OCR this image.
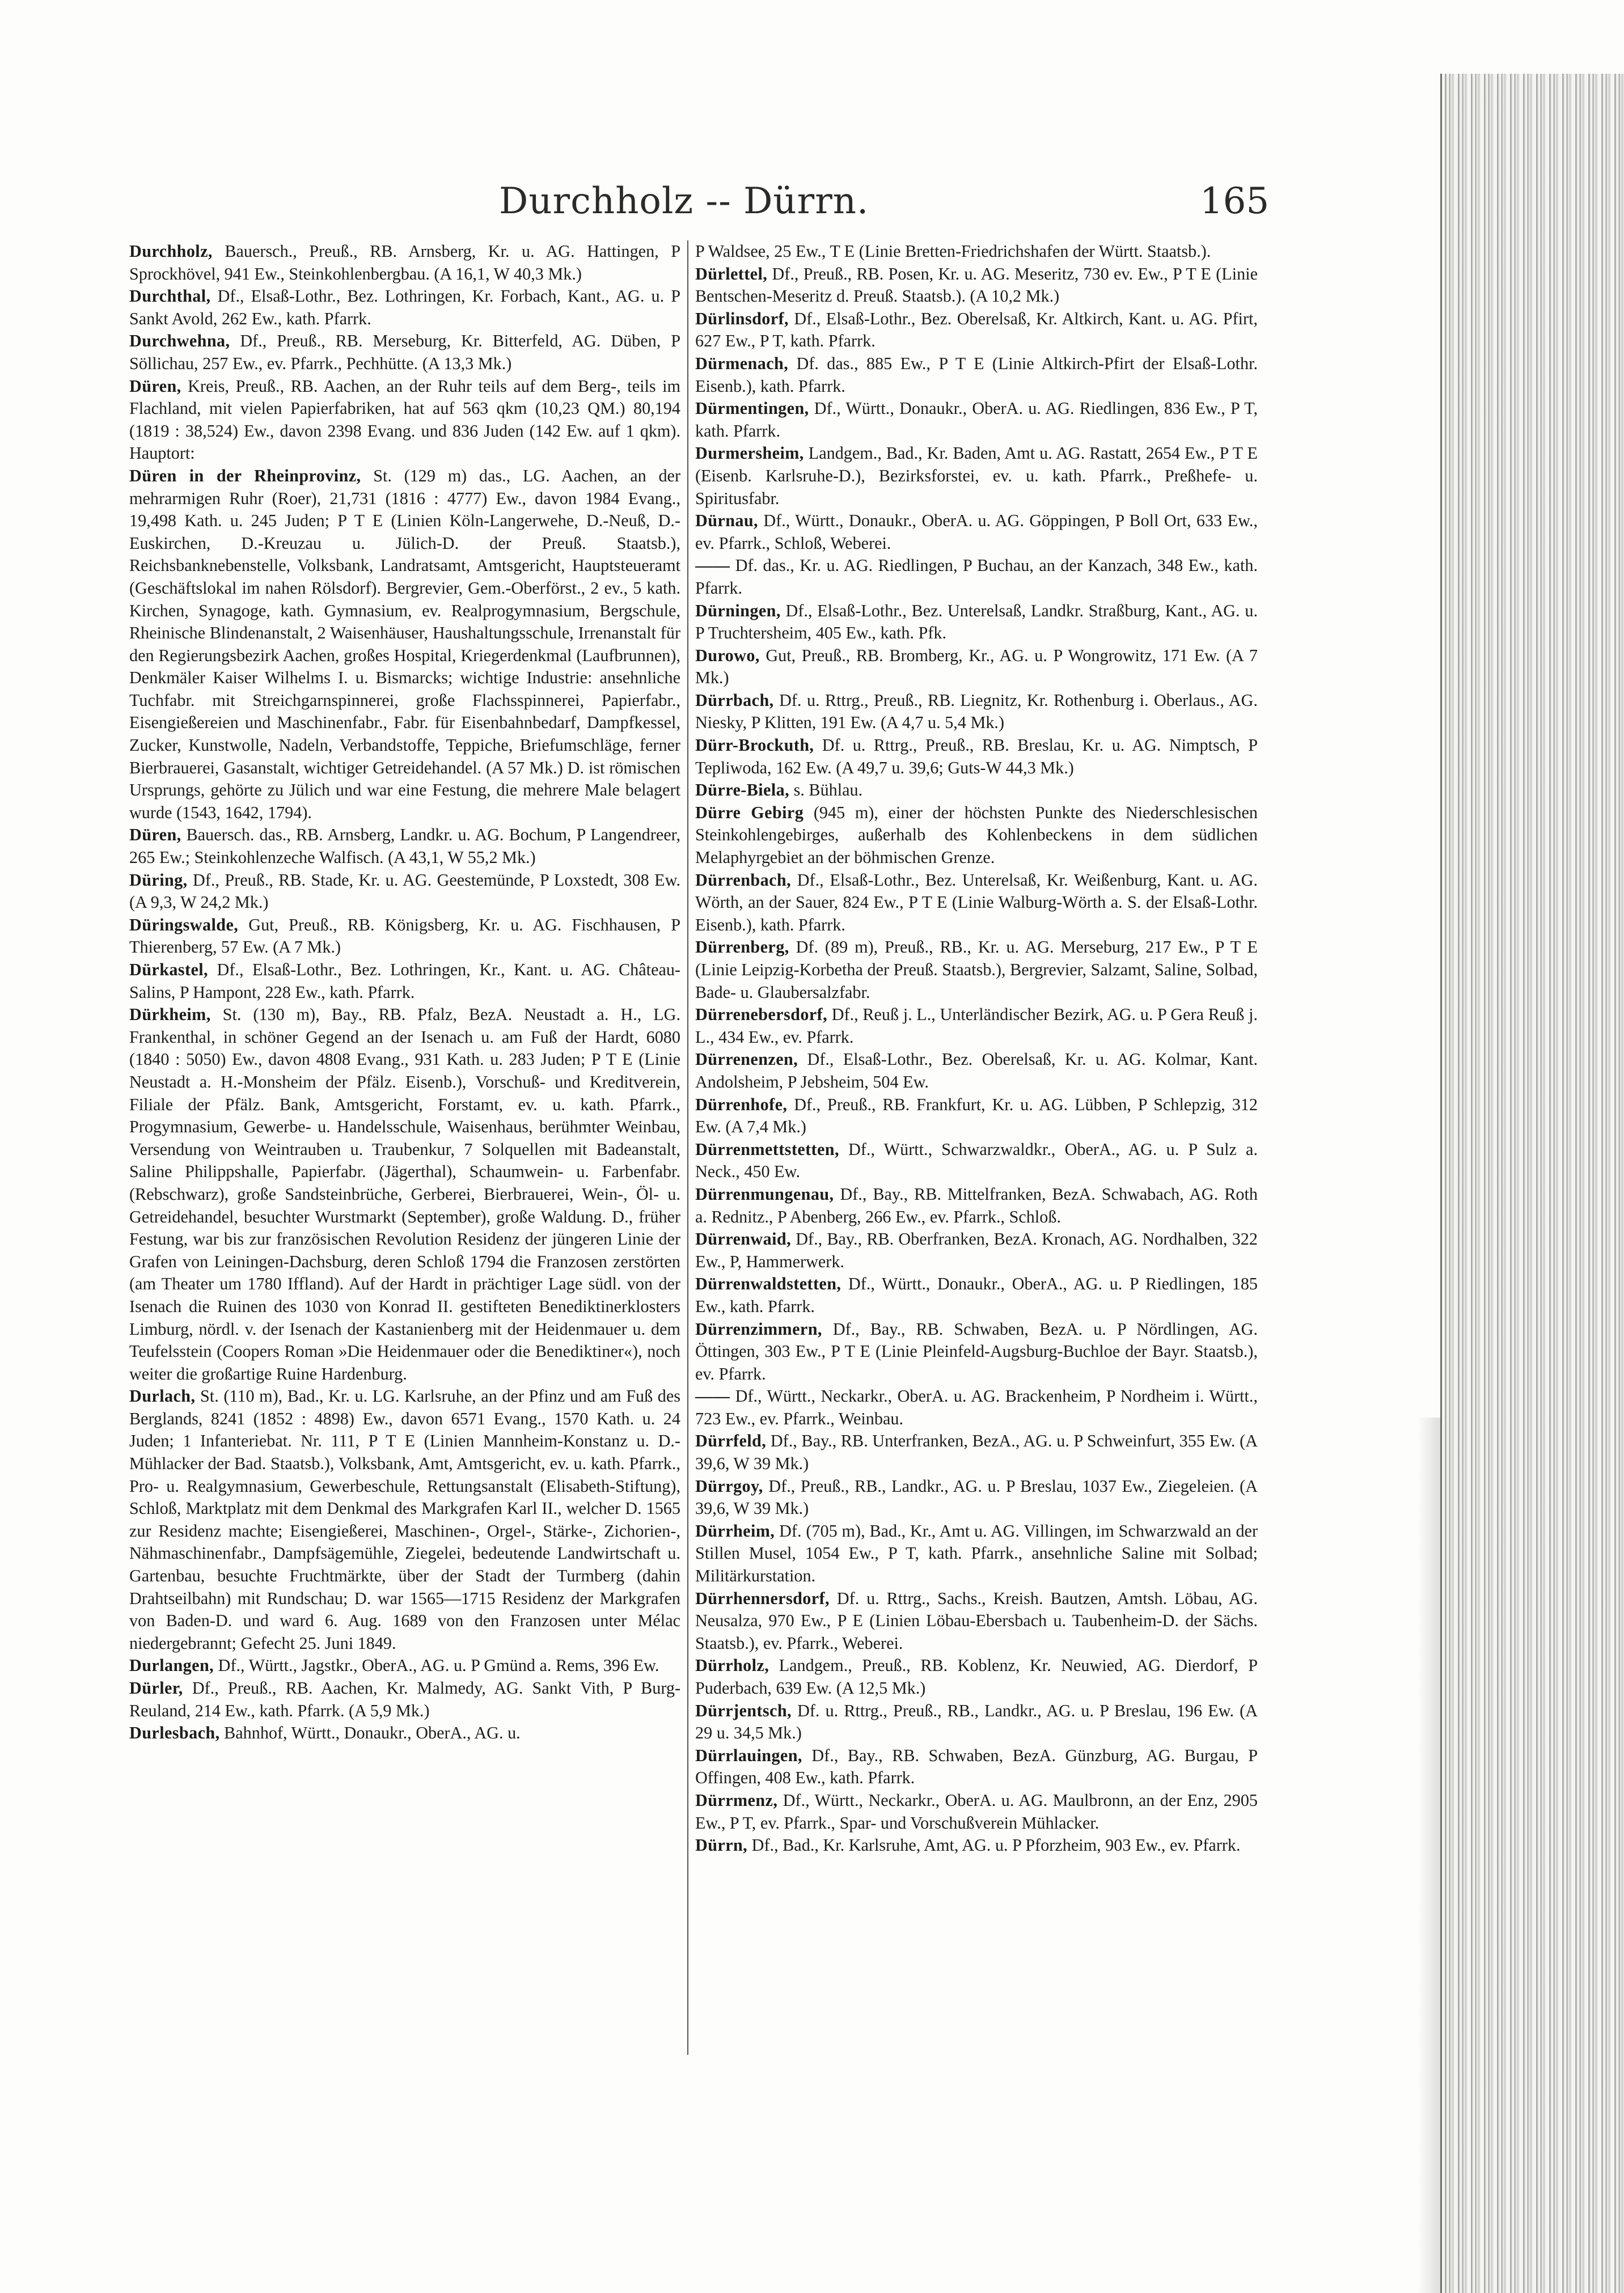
Durchholz -- Dürrn.	165

Durchholz, Bauersch., Preuß., RB. Arnsberg, Kr. u. AG. Hattingen, P Sprockhövel, 941 Ew., Steinkohlenbergbau. (A 16,1, W 40,3 Mk.)

Durchthal, Df., Elsaß-Lothr., Bez. Lothringen, Kr. Forbach, Kant., AG. u. P Sankt Avold, 262 Ew., kath. Pfarrk.

Durchwehna, Df., Preuß., RB. Merseburg, Kr. Bitterfeld, AG. Düben, P Söllichau, 257 Ew., ev. Pfarrk., Pechhütte. (A 13,3 Mk.)

Düren, Kreis, Preuß., RB. Aachen, an der Ruhr teils auf dem Berg-, teils im Flachland, mit vielen Papierfabriken, hat auf 563 qkm (10,23 QM.) 80,194 (1819 : 38,524) Ew., davon 2398 Evang. und 836 Juden (142 Ew. auf 1 qkm). Hauptort:

Düren in der Rheinprovinz, St. (129 m) das., LG. Aachen, an der mehrarmigen Ruhr (Roer), 21,731 (1816 : 4777) Ew., davon 1984 Evang., 19,498 Kath. u. 245 Juden; P T E (Linien Köln-Langerwehe, D.-Neuß, D.-Euskirchen, D.-Kreuzau u. Jülich-D. der Preuß. Staatsb.), Reichsbanknebenstelle, Volksbank, Landratsamt, Amtsgericht, Hauptsteueramt (Geschäftslokal im nahen Rölsdorf). Bergrevier, Gem.-Oberförst., 2 ev., 5 kath. Kirchen, Synagoge, kath. Gymnasium, ev. Realprogymnasium, Bergschule, Rheinische Blindenanstalt, 2 Waisenhäuser, Haushaltungsschule, Irrenanstalt für den Regierungsbezirk Aachen, großes Hospital, Kriegerdenkmal (Laufbrunnen), Denkmäler Kaiser Wilhelms I. u. Bismarcks; wichtige Industrie: ansehnliche Tuchfabr. mit Streichgarnspinnerei, große Flachsspinnerei, Papierfabr., Eisengießereien und Maschinenfabr., Fabr. für Eisenbahnbedarf, Dampfkessel, Zucker, Kunstwolle, Nadeln, Verbandstoffe, Teppiche, Briefumschläge, ferner Bierbrauerei, Gasanstalt, wichtiger Getreidehandel. (A 57 Mk.) D. ist römischen Ursprungs, gehörte zu Jülich und war eine Festung, die mehrere Male belagert wurde (1543, 1642, 1794).

Düren, Bauersch. das., RB. Arnsberg, Landkr. u. AG. Bochum, P Langendreer, 265 Ew.; Steinkohlenzeche Walfisch. (A 43,1, W 55,2 Mk.)

Düring, Df., Preuß., RB. Stade, Kr. u. AG. Geestemünde, P Loxstedt, 308 Ew. (A 9,3, W 24,2 Mk.)

Düringswalde, Gut, Preuß., RB. Königsberg, Kr. u. AG. Fischhausen, P Thierenberg, 57 Ew. (A 7 Mk.)

Dürkastel, Df., Elsaß-Lothr., Bez. Lothringen, Kr., Kant. u. AG. Château-Salins, P Hampont, 228 Ew., kath. Pfarrk.

Dürkheim, St. (130 m), Bay., RB. Pfalz, BezA. Neustadt a. H., LG. Frankenthal, in schöner Gegend an der Isenach u. am Fuß der Hardt, 6080 (1840 : 5050) Ew., davon 4808 Evang., 931 Kath. u. 283 Juden; P T E (Linie Neustadt a. H.-Monsheim der Pfälz. Eisenb.), Vorschuß- und Kreditverein, Filiale der Pfälz. Bank, Amtsgericht, Forstamt, ev. u. kath. Pfarrk., Progymnasium, Gewerbe- u. Handelsschule, Waisenhaus, berühmter Weinbau, Versendung von Weintrauben u. Traubenkur, 7 Solquellen mit Badeanstalt, Saline Philippshalle, Papierfabr. (Jägerthal), Schaumwein- u. Farbenfabr. (Rebschwarz), große Sandsteinbrüche, Gerberei, Bierbrauerei, Wein-, Öl- u. Getreidehandel, besuchter Wurstmarkt (September), große Waldung. D., früher Festung, war bis zur französischen Revolution Residenz der jüngeren Linie der Grafen von Leiningen-Dachsburg, deren Schloß 1794 die Franzosen zerstörten (am Theater um 1780 Iffland). Auf der Hardt in prächtiger Lage südl. von der Isenach die Ruinen des 1030 von Konrad II. gestifteten Benediktinerklosters Limburg, nördl. v. der Isenach der Kastanienberg mit der Heidenmauer u. dem Teufelsstein (Coopers Roman »Die Heidenmauer oder die Benediktiner«), noch weiter die großartige Ruine Hardenburg.

Durlach, St. (110 m), Bad., Kr. u. LG. Karlsruhe, an der Pfinz und am Fuß des Berglands, 8241 (1852 : 4898) Ew., davon 6571 Evang., 1570 Kath. u. 24 Juden; 1 Infanteriebat. Nr. 111, P T E (Linien Mannheim-Konstanz u. D.-Mühlacker der Bad. Staatsb.), Volksbank, Amt, Amtsgericht, ev. u. kath. Pfarrk., Pro- u. Realgymnasium, Gewerbeschule, Rettungsanstalt (Elisabeth-Stiftung), Schloß, Marktplatz mit dem Denkmal des Markgrafen Karl II., welcher D. 1565 zur Residenz machte; Eisengießerei, Maschinen-, Orgel-, Stärke-, Zichorien-, Nähmaschinenfabr., Dampfsägemühle, Ziegelei, bedeutende Landwirtschaft u. Gartenbau, besuchte Fruchtmärkte, über der Stadt der Turmberg (dahin Drahtseilbahn) mit Rundschau; D. war 1565—1715 Residenz der Markgrafen von Baden-D. und ward 6. Aug. 1689 von den Franzosen unter Mélac niedergebrannt; Gefecht 25. Juni 1849.

Durlangen, Df., Württ., Jagstkr., OberA., AG. u. P Gmünd a. Rems, 396 Ew.

Dürler, Df., Preuß., RB. Aachen, Kr. Malmedy, AG. Sankt Vith, P Burg-Reuland, 214 Ew., kath. Pfarrk. (A 5,9 Mk.)

Durlesbach, Bahnhof, Württ., Donaukr., OberA., AG. u.

P Waldsee, 25 Ew., T E (Linie Bretten-Friedrichshafen der Württ. Staatsb.).

Dürlettel, Df., Preuß., RB. Posen, Kr. u. AG. Meseritz, 730 ev. Ew., P T E (Linie Bentschen-Meseritz d. Preuß. Staatsb.). (A 10,2 Mk.)

Dürlinsdorf, Df., Elsaß-Lothr., Bez. Oberelsaß, Kr. Altkirch, Kant. u. AG. Pfirt, 627 Ew., P T, kath. Pfarrk.

Dürmenach, Df. das., 885 Ew., P T E (Linie Altkirch-Pfirt der Elsaß-Lothr. Eisenb.), kath. Pfarrk.

Dürmentingen, Df., Württ., Donaukr., OberA. u. AG. Riedlingen, 836 Ew., P T, kath. Pfarrk.

Durmersheim, Landgem., Bad., Kr. Baden, Amt u. AG. Rastatt, 2654 Ew., P T E (Eisenb. Karlsruhe-D.), Bezirksforstei, ev. u. kath. Pfarrk., Preßhefe- u. Spiritusfabr.

Dürnau, Df., Württ., Donaukr., OberA. u. AG. Göppingen, P Boll Ort, 633 Ew., ev. Pfarrk., Schloß, Weberei.

—— Df. das., Kr. u. AG. Riedlingen, P Buchau, an der Kanzach, 348 Ew., kath. Pfarrk.

Dürningen, Df., Elsaß-Lothr., Bez. Unterelsaß, Landkr. Straßburg, Kant., AG. u. P Truchtersheim, 405 Ew., kath. Pfk.

Durowo, Gut, Preuß., RB. Bromberg, Kr., AG. u. P Wongrowitz, 171 Ew. (A 7 Mk.)

Dürrbach, Df. u. Rttrg., Preuß., RB. Liegnitz, Kr. Rothenburg i. Oberlaus., AG. Niesky, P Klitten, 191 Ew. (A 4,7 u. 5,4 Mk.)

Dürr-Brockuth, Df. u. Rttrg., Preuß., RB. Breslau, Kr. u. AG. Nimptsch, P Tepliwoda, 162 Ew. (A 49,7 u. 39,6; Guts-W 44,3 Mk.)

Dürre-Biela, s. Bühlau.

Dürre Gebirg (945 m), einer der höchsten Punkte des Niederschlesischen Steinkohlengebirges, außerhalb des Kohlenbeckens in dem südlichen Melaphyrgebiet an der böhmischen Grenze.

Dürrenbach, Df., Elsaß-Lothr., Bez. Unterelsaß, Kr. Weißenburg, Kant. u. AG. Wörth, an der Sauer, 824 Ew., P T E (Linie Walburg-Wörth a. S. der Elsaß-Lothr. Eisenb.), kath. Pfarrk.

Dürrenberg, Df. (89 m), Preuß., RB., Kr. u. AG. Merseburg, 217 Ew., P T E (Linie Leipzig-Korbetha der Preuß. Staatsb.), Bergrevier, Salzamt, Saline, Solbad, Bade- u. Glaubersalzfabr.

Dürrenebersdorf, Df., Reuß j. L., Unterländischer Bezirk, AG. u. P Gera Reuß j. L., 434 Ew., ev. Pfarrk.

Dürrenenzen, Df., Elsaß-Lothr., Bez. Oberelsaß, Kr. u. AG. Kolmar, Kant. Andolsheim, P Jebsheim, 504 Ew.

Dürrenhofe, Df., Preuß., RB. Frankfurt, Kr. u. AG. Lübben, P Schlepzig, 312 Ew. (A 7,4 Mk.)

Dürrenmettstetten, Df., Württ., Schwarzwaldkr., OberA., AG. u. P Sulz a. Neck., 450 Ew.

Dürrenmungenau, Df., Bay., RB. Mittelfranken, BezA. Schwabach, AG. Roth a. Rednitz., P Abenberg, 266 Ew., ev. Pfarrk., Schloß.

Dürrenwaid, Df., Bay., RB. Oberfranken, BezA. Kronach, AG. Nordhalben, 322 Ew., P, Hammerwerk.

Dürrenwaldstetten, Df., Württ., Donaukr., OberA., AG. u. P Riedlingen, 185 Ew., kath. Pfarrk.

Dürrenzimmern, Df., Bay., RB. Schwaben, BezA. u. P Nördlingen, AG. Öttingen, 303 Ew., P T E (Linie Pleinfeld-Augsburg-Buchloe der Bayr. Staatsb.), ev. Pfarrk.

—— Df., Württ., Neckarkr., OberA. u. AG. Brackenheim, P Nordheim i. Württ., 723 Ew., ev. Pfarrk., Weinbau.

Dürrfeld, Df., Bay., RB. Unterfranken, BezA., AG. u. P Schweinfurt, 355 Ew. (A 39,6, W 39 Mk.)

Dürrgoy, Df., Preuß., RB., Landkr., AG. u. P Breslau, 1037 Ew., Ziegeleien. (A 39,6, W 39 Mk.)

Dürrheim, Df. (705 m), Bad., Kr., Amt u. AG. Villingen, im Schwarzwald an der Stillen Musel, 1054 Ew., P T, kath. Pfarrk., ansehnliche Saline mit Solbad; Militärkurstation.

Dürrhennersdorf, Df. u. Rttrg., Sachs., Kreish. Bautzen, Amtsh. Löbau, AG. Neusalza, 970 Ew., P E (Linien Löbau-Ebersbach u. Taubenheim-D. der Sächs. Staatsb.), ev. Pfarrk., Weberei.

Dürrholz, Landgem., Preuß., RB. Koblenz, Kr. Neuwied, AG. Dierdorf, P Puderbach, 639 Ew. (A 12,5 Mk.)

Dürrjentsch, Df. u. Rttrg., Preuß., RB., Landkr., AG. u. P Breslau, 196 Ew. (A 29 u. 34,5 Mk.)

Dürrlauingen, Df., Bay., RB. Schwaben, BezA. Günzburg, AG. Burgau, P Offingen, 408 Ew., kath. Pfarrk.

Dürrmenz, Df., Württ., Neckarkr., OberA. u. AG. Maulbronn, an der Enz, 2905 Ew., P T, ev. Pfarrk., Spar- und Vorschußverein Mühlacker.

Dürrn, Df., Bad., Kr. Karlsruhe, Amt, AG. u. P Pforzheim, 903 Ew., ev. Pfarrk.
